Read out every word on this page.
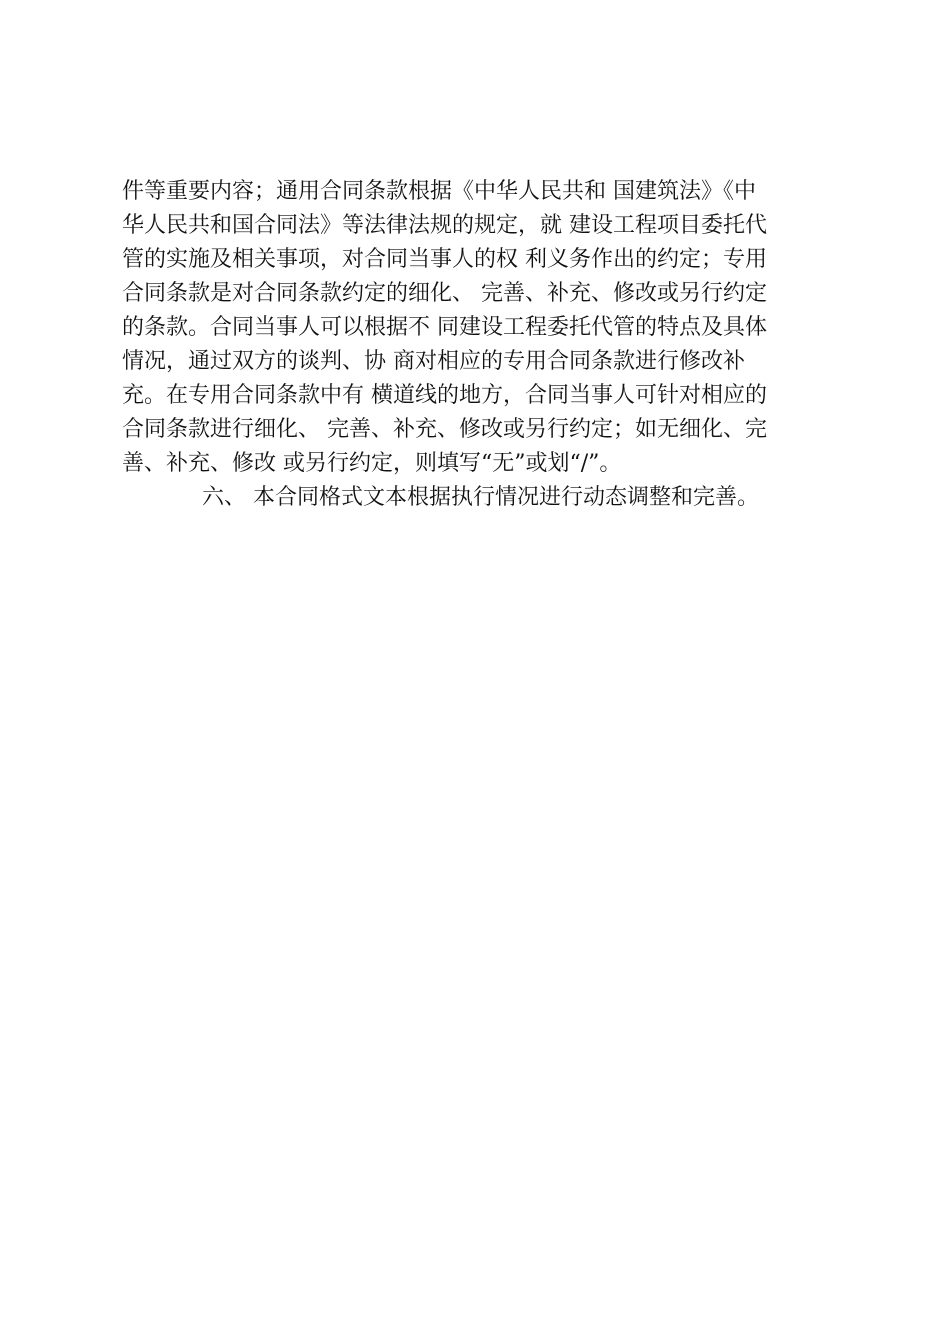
件等重要内容；通用合同条款根据《中华人民共和 国建筑法》《中
华人民共和国合同法》等法律法规的规定，就 建设工程项目委托代
管的实施及相关事项，对合同当事人的权 利义务作出的约定；专用
合同条款是对合同条款约定的细化、 完善、补充、修改或另行约定
的条款。合同当事人可以根据不 同建设工程委托代管的特点及具体
情况，通过双方的谈判、协 商对相应的专用合同条款进行修改补
充。在专用合同条款中有 横道线的地方，合同当事人可针对相应的
合同条款进行细化、 完善、补充、修改或另行约定；如无细化、完
善、补充、修改 或另行约定，则填写“无”或划“/”。
六、 本合同格式文本根据执行情况进行动态调整和完善。
